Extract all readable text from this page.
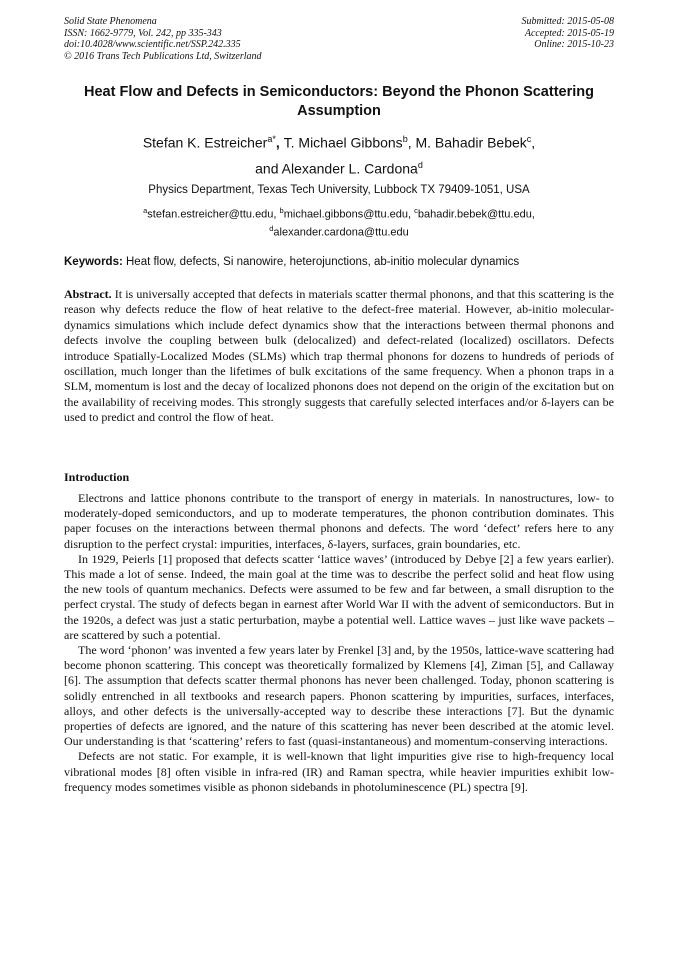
Solid State Phenomena
ISSN: 1662-9779, Vol. 242, pp 335-343
doi:10.4028/www.scientific.net/SSP.242.335
© 2016 Trans Tech Publications Ltd, Switzerland
Submitted: 2015-05-08
Accepted: 2015-05-19
Online: 2015-10-23
Heat Flow and Defects in Semiconductors: Beyond the Phonon Scattering Assumption
Stefan K. Estreicher$^{a*}$, T. Michael Gibbons$^b$, M. Bahadir Bebek$^c$,
and Alexander L. Cardona$^d$
Physics Department, Texas Tech University, Lubbock TX 79409-1051, USA
$^a$stefan.estreicher@ttu.edu, $^b$michael.gibbons@ttu.edu, $^c$bahadir.bebek@ttu.edu,
$^d$alexander.cardona@ttu.edu
Keywords: Heat flow, defects, Si nanowire, heterojunctions, ab-initio molecular dynamics
Abstract. It is universally accepted that defects in materials scatter thermal phonons, and that this scattering is the reason why defects reduce the flow of heat relative to the defect-free material. However, ab-initio molecular-dynamics simulations which include defect dynamics show that the interactions between thermal phonons and defects involve the coupling between bulk (delocalized) and defect-related (localized) oscillators. Defects introduce Spatially-Localized Modes (SLMs) which trap thermal phonons for dozens to hundreds of periods of oscillation, much longer than the lifetimes of bulk excitations of the same frequency. When a phonon traps in a SLM, momentum is lost and the decay of localized phonons does not depend on the origin of the excitation but on the availability of receiving modes. This strongly suggests that carefully selected interfaces and/or δ-layers can be used to predict and control the flow of heat.
Introduction

Electrons and lattice phonons contribute to the transport of energy in materials. In nanostructures, low- to moderately-doped semiconductors, and up to moderate temperatures, the phonon contribution dominates. This paper focuses on the interactions between thermal phonons and defects. The word ‘defect’ refers here to any disruption to the perfect crystal: impurities, interfaces, δ-layers, surfaces, grain boundaries, etc.

In 1929, Peierls [1] proposed that defects scatter ‘lattice waves’ (introduced by Debye [2] a few years earlier). This made a lot of sense. Indeed, the main goal at the time was to describe the perfect solid and heat flow using the new tools of quantum mechanics. Defects were assumed to be few and far between, a small disruption to the perfect crystal. The study of defects began in earnest after World War II with the advent of semiconductors. But in the 1920s, a defect was just a static perturbation, maybe a potential well. Lattice waves – just like wave packets – are scattered by such a potential.

The word ‘phonon’ was invented a few years later by Frenkel [3] and, by the 1950s, lattice-wave scattering had become phonon scattering. This concept was theoretically formalized by Klemens [4], Ziman [5], and Callaway [6]. The assumption that defects scatter thermal phonons has never been challenged. Today, phonon scattering is solidly entrenched in all textbooks and research papers. Phonon scattering by impurities, surfaces, interfaces, alloys, and other defects is the universally-accepted way to describe these interactions [7]. But the dynamic properties of defects are ignored, and the nature of this scattering has never been described at the atomic level. Our understanding is that ‘scattering’ refers to fast (quasi-instantaneous) and momentum-conserving interactions.

Defects are not static. For example, it is well-known that light impurities give rise to high-frequency local vibrational modes [8] often visible in infra-red (IR) and Raman spectra, while heavier impurities exhibit low-frequency modes sometimes visible as phonon sidebands in photoluminescence (PL) spectra [9].
